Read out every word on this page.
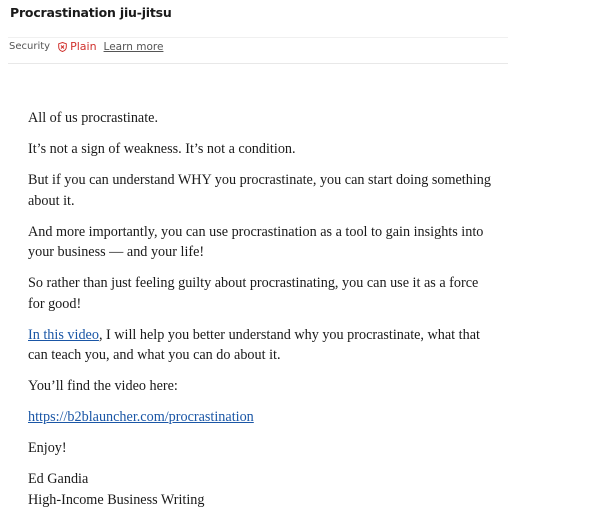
Procrastination jiu-jitsu
Security Plain Learn more

All of us procrastinate.

It’s not a sign of weakness. It’s not a condition.

But if you can understand WHY you procrastinate, you can start doing something about it.

And more importantly, you can use procrastination as a tool to gain insights into your business — and your life!

So rather than just feeling guilty about procrastinating, you can use it as a force for good!

In this video, I will help you better understand why you procrastinate, what that can teach you, and what you can do about it.

You’ll find the video here:

https://b2blauncher.com/procrastination

Enjoy!

Ed Gandia

High-Income Business Writing
